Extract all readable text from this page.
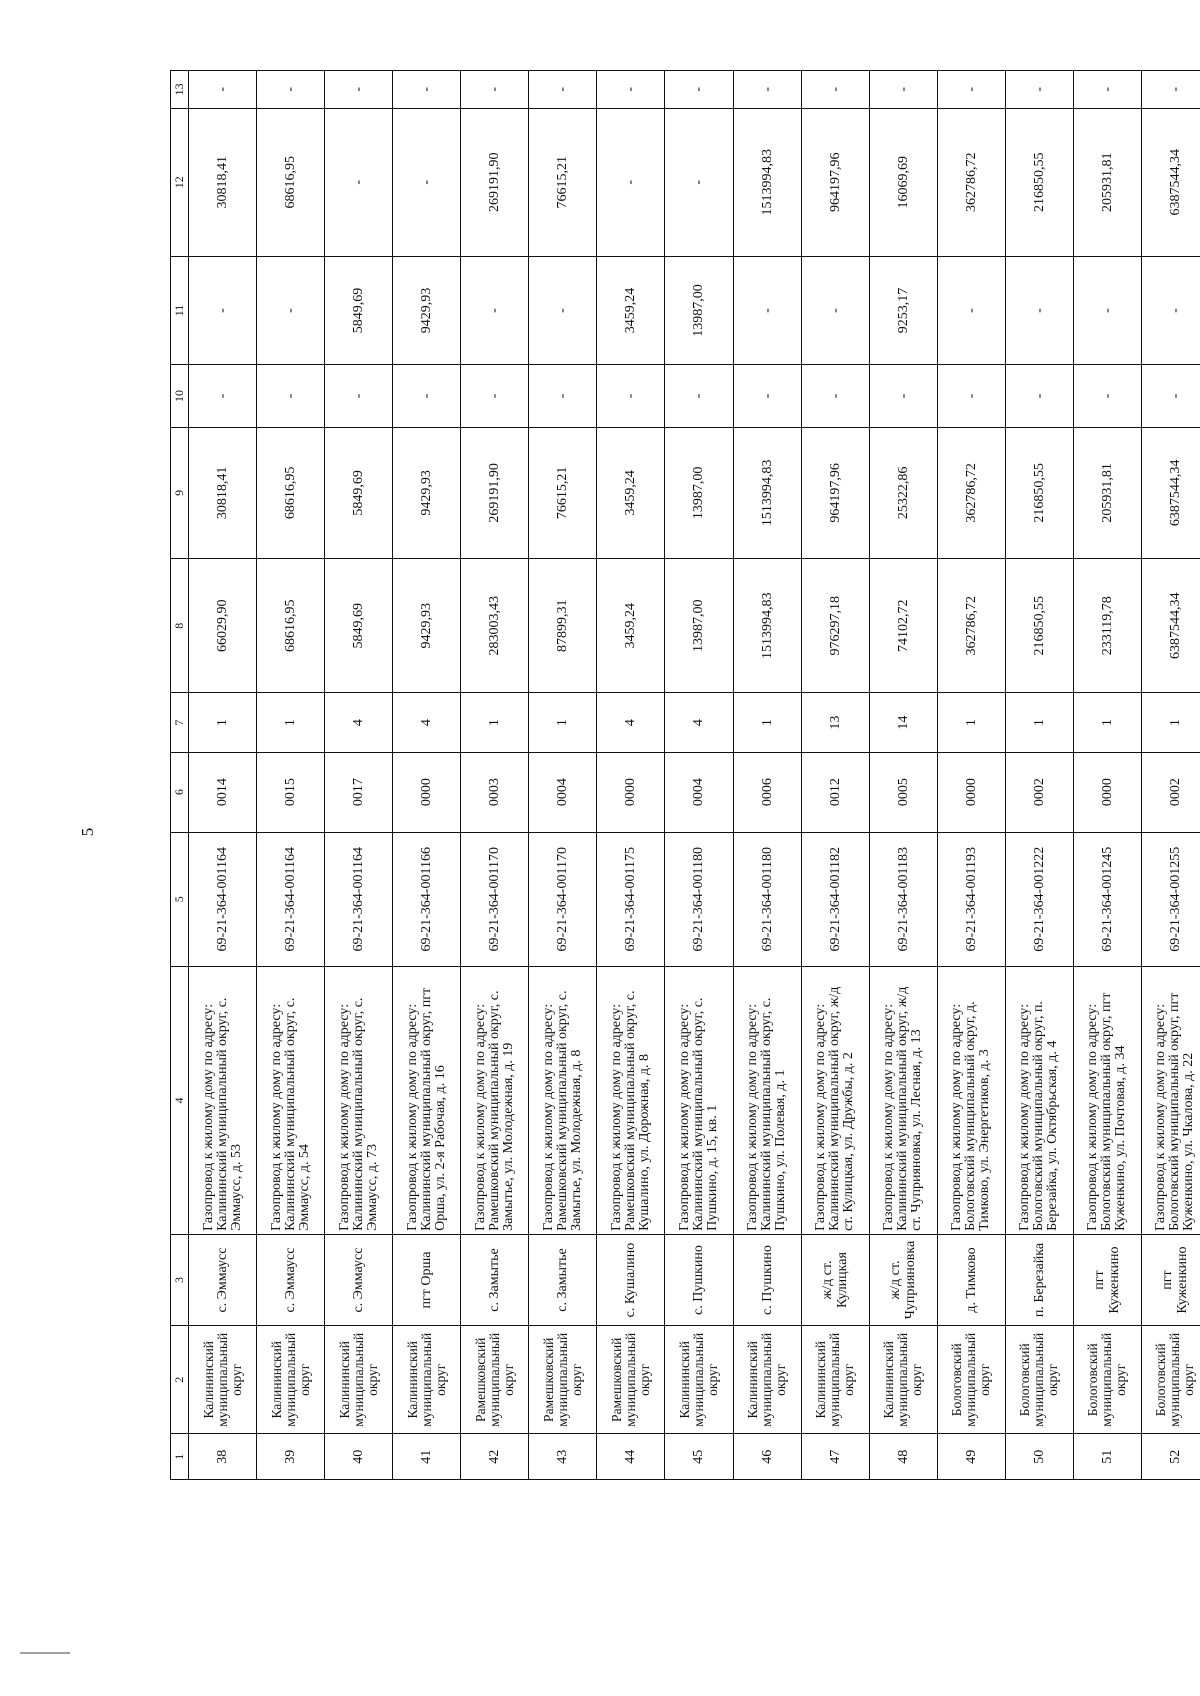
5
1	2	3	4	5	6	7	8	9	10	11	12	13
38	Калининский муниципальный округ	с. Эммаусс	Газопровод к жилому дому по адресу: Калининский муниципальный округ, с. Эммаусс, д. 53	69-21-364-001164	0014	1	66029,90	30818,41	-	-	30818,41	-
39	Калининский муниципальный округ	с. Эммаусс	Газопровод к жилому дому по адресу: Калининский муниципальный округ, с. Эммаусс, д. 54	69-21-364-001164	0015	1	68616,95	68616,95	-	-	68616,95	-
40	Калининский муниципальный округ	с. Эммаусс	Газопровод к жилому дому по адресу: Калининский муниципальный округ, с. Эммаусс, д. 73	69-21-364-001164	0017	4	5849,69	5849,69	-	5849,69	-	-
41	Калининский муниципальный округ	пгт Орша	Газопровод к жилому дому по адресу: Калининский муниципальный округ, пгт Орша, ул. 2-я Рабочая, д. 16	69-21-364-001166	0000	4	9429,93	9429,93	-	9429,93	-	-
42	Рамешковский муниципальный округ	с. Замытье	Газопровод к жилому дому по адресу: Рамешковский муниципальный округ, с. Замытье, ул. Молодежная, д. 19	69-21-364-001170	0003	1	283003,43	269191,90	-	-	269191,90	-
43	Рамешковский муниципальный округ	с. Замытье	Газопровод к жилому дому по адресу: Рамешковский муниципальный округ, с. Замытье, ул. Молодежная, д. 8	69-21-364-001170	0004	1	87899,31	76615,21	-	-	76615,21	-
44	Рамешковский муниципальный округ	с. Кушалино	Газопровод к жилому дому по адресу: Рамешковский муниципальный округ, с. Кушалино, ул. Дорожная, д. 8	69-21-364-001175	0000	4	3459,24	3459,24	-	3459,24	-	-
45	Калининский муниципальный округ	с. Пушкино	Газопровод к жилому дому по адресу: Калининский муниципальный округ, с. Пушкино, д. 15, кв. 1	69-21-364-001180	0004	4	13987,00	13987,00	-	13987,00	-	-
46	Калининский муниципальный округ	с. Пушкино	Газопровод к жилому дому по адресу: Калининский муниципальный округ, с. Пушкино, ул. Полевая, д. 1	69-21-364-001180	0006	1	1513994,83	1513994,83	-	-	1513994,83	-
47	Калининский муниципальный округ	ж/д ст. Кулицкая	Газопровод к жилому дому по адресу: Калининский муниципальный округ, ж/д ст. Кулицкая, ул. Дружбы, д. 2	69-21-364-001182	0012	13	976297,18	964197,96	-	-	964197,96	-
48	Калининский муниципальный округ	ж/д ст. Чуприяновка	Газопровод к жилому дому по адресу: Калининский муниципальный округ, ж/д ст. Чуприяновка, ул. Лесная, д. 13	69-21-364-001183	0005	14	74102,72	25322,86	-	9253,17	16069,69	-
49	Бологовский муниципальный округ	д. Тимково	Газопровод к жилому дому по адресу: Бологовский муниципальный округ, д. Тимково, ул. Энергетиков, д. 3	69-21-364-001193	0000	1	362786,72	362786,72	-	-	362786,72	-
50	Бологовский муниципальный округ	п. Березайка	Газопровод к жилому дому по адресу: Бологовский муниципальный округ, п. Березайка, ул. Октябрьская, д. 4	69-21-364-001222	0002	1	216850,55	216850,55	-	-	216850,55	-
51	Бологовский муниципальный округ	пгт Куженкино	Газопровод к жилому дому по адресу: Бологовский муниципальный округ, пгт Куженкино, ул. Почтовая, д. 34	69-21-364-001245	0000	1	233119,78	205931,81	-	-	205931,81	-
52	Бологовский муниципальный округ	пгт Куженкино	Газопровод к жилому дому по адресу: Бологовский муниципальный округ, пгт Куженкино, ул. Чкалова, д. 22	69-21-364-001255	0002	1	6387544,34	6387544,34	-	-	6387544,34	-
